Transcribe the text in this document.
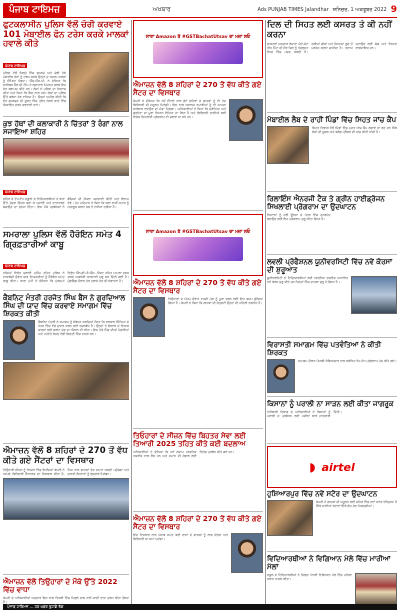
ਪੰਜਾਬ ਟਾਇਮਜ਼	ਅਖ਼ਬਾਰ	Ads PUNJAB TIMES Jalandhar ਸ਼ਨਿਚਰ, 1 ਅਕਤੂਬਰ 2022 9
ਫੁਟਕਲਾਸੀਨ ਪੁਲਿਸ ਵੱਲੋਂ ਚੋਰੀ ਕਰਵਾਏ 101 ਮੋਬਾਈਲ ਫੋਨ ਟਰੇਸ ਕਰਕੇ ਮਾਲਕਾਂ ਹਵਾਲੇ ਕੀਤੇ
ਪੰਜਾਬ ਟਾਇਮਜ਼
ਪੁਲਿਸ ਵੱਲੋਂ ਜ਼ਿਲ੍ਹੇ ਵਿੱਚ ਗੁਆਚੇ ਅਤੇ ਚੋਰੀ ਹੋਏ ਮੋਬਾਈਲ ਫੋਨਾਂ ਨੂੰ ਟਰੇਸ ਕਰਕੇ ਉਨ੍ਹਾਂ ਦੇ ਅਸਲ ਮਾਲਕਾਂ ਨੂੰ ਸੌਂਪਿਆ ਗਿਆ। ਐੱਸ.ਐੱਸ.ਪੀ. ਨੇ ਦੱਸਿਆ ਕਿ ਸਾਈਬਰ ਸੈੱਲ ਦੀ ਟੀਮ ਨੇ ਲਗਾਤਾਰ ਮਿਹਨਤ ਕਰਕੇ ਇਹ ਫੋਨ ਬਰਾਮਦ ਕੀਤੇ ਹਨ। ਲੋਕਾਂ ਨੇ ਪੁਲਿਸ ਦਾ ਧੰਨਵਾਦ ਕੀਤਾ ਅਤੇ ਕਿਹਾ ਕਿ ਇਸ ਨਾਲ ਆਮ ਲੋਕਾਂ ਦਾ ਪੁਲਿਸ ਉੱਤੇ ਭਰੋਸਾ ਹੋਰ ਵਧਿਆ ਹੈ। ਉਨ੍ਹਾਂ ਅਪੀਲ ਕੀਤੀ ਕਿ ਫੋਨ ਗੁਆਚਣ ਦੀ ਸੂਰਤ ਵਿੱਚ ਤੁਰੰਤ ਨੇੜਲੇ ਥਾਣੇ ਵਿੱਚ ਸ਼ਿਕਾਇਤ ਦਰਜ ਕਰਵਾਈ ਜਾਵੇ।
ਕੁਝ ਹੱਥਾਂ ਦੀ ਕਲਾਕਾਰੀ ਨੇ ਚਿੱਤਰਾਂ ਤੇ ਰੰਗਾਂ ਨਾਲ ਸਜਾਇਆ ਸ਼ਹਿਰ
ਪੰਜਾਬ ਟਾਇਮਜ਼
ਸ਼ਹਿਰ ਦੇ ਵੱਖ-ਵੱਖ ਸਕੂਲਾਂ ਦੇ ਵਿਦਿਆਰਥੀਆਂ ਨੇ ਕੰਧਾਂ ਉੱਤੇ ਸੁੰਦਰ ਚਿੱਤਰ ਬਣਾ ਕੇ ਸਫ਼ਾਈ ਅਤੇ ਵਾਤਾਵਰਣ ਬਚਾਉਣ ਦਾ ਸੁਨੇਹਾ ਦਿੱਤਾ। ਇਸ ਮੌਕੇ ਪ੍ਰਬੰਧਕਾਂ ਨੇ ਬੱਚਿਆਂ ਦੀ ਹੌਸਲਾ ਅਫ਼ਜ਼ਾਈ ਕੀਤੀ ਅਤੇ ਇਨਾਮ ਵੰਡੇ। ਮੁੱਖ ਮਹਿਮਾਨ ਨੇ ਕਿਹਾ ਕਿ ਕਲਾ ਰਾਹੀਂ ਸਮਾਜ ਨੂੰ ਜਾਗਰੂਕ ਕਰਨਾ ਸਭ ਤੋਂ ਵਧੀਆ ਤਰੀਕਾ ਹੈ।
ਸਮਰਾਲਾ ਪੁਲਿਸ ਵੱਲੋਂ ਹੈਰੋਇਨ ਸਮੇਤ 4 ਗ੍ਰਿਫ਼ਤਾਰੀਆਂ ਕਾਬੂ
ਪੰਜਾਬ ਟਾਇਮਜ਼
ਨਸ਼ਿਆਂ ਵਿਰੁੱਧ ਚਲਾਈ ਮੁਹਿੰਮ ਤਹਿਤ ਪੁਲਿਸ ਨੇ ਨਾਕਾਬੰਦੀ ਦੌਰਾਨ ਚਾਰ ਵਿਅਕਤੀਆਂ ਨੂੰ ਹੈਰੋਇਨ ਸਮੇਤ ਕਾਬੂ ਕੀਤਾ। ਥਾਣਾ ਮੁਖੀ ਨੇ ਦੱਸਿਆ ਕਿ ਮੁਲਜ਼ਮਾਂ ਵਿਰੁੱਧ ਐੱਨ.ਡੀ.ਪੀ.ਐੱਸ. ਐਕਟ ਤਹਿਤ ਮਾਮਲਾ ਦਰਜ ਕਰਕੇ ਅਗਲੇਰੀ ਕਾਰਵਾਈ ਸ਼ੁਰੂ ਕਰ ਦਿੱਤੀ ਗਈ ਹੈ। ਪੁੱਛਗਿੱਛ ਦੌਰਾਨ ਹੋਰ ਖੁਲਾਸੇ ਹੋਣ ਦੀ ਸੰਭਾਵਨਾ ਹੈ।
ਕੈਬਨਿਟ ਮੰਤਰੀ ਹਰਜੋਤ ਸਿੰਘ ਬੈਂਸ ਨੇ ਗੁਰਦਿਆਲ ਸਿੰਘ ਦੀ ਯਾਦ ਵਿੱਚ ਕਰਵਾਏ ਸਮਾਗਮ ਵਿੱਚ ਸ਼ਿਰਕਤ ਕੀਤੀ
ਕੈਬਨਿਟ ਮੰਤਰੀ ਨੇ ਸਮਾਗਮ ਨੂੰ ਸੰਬੋਧਨ ਕਰਦਿਆਂ ਕਿਹਾ ਕਿ ਸਰਕਾਰ ਸਿੱਖਿਆ ਦੇ ਖੇਤਰ ਵਿੱਚ ਵੱਡੇ ਸੁਧਾਰ ਕਰਨ ਲਈ ਵਚਨਬੱਧ ਹੈ। ਉਨ੍ਹਾਂ ਨੇ ਇਲਾਕੇ ਦੇ ਵਿਕਾਸ ਕਾਰਜਾਂ ਲਈ ਗਰਾਂਟ ਦੇਣ ਦਾ ਐਲਾਨ ਵੀ ਕੀਤਾ। ਇਸ ਮੌਕੇ ਪਿੰਡ ਦੀਆਂ ਪੰਚਾਇਤਾਂ ਅਤੇ ਪਤਵੰਤੇ ਸੱਜਣ ਵੱਡੀ ਗਿਣਤੀ ਵਿੱਚ ਹਾਜ਼ਰ ਸਨ।
ਐਮਾਜ਼ਨ ਵੱਲੋਂ 8 ਸ਼ਹਿਰਾਂ ਦੇ 270 ਤੋਂ ਵੱਧ ਕੀਤੇ ਗਏ ਸੈਂਟਰਾਂ ਦਾ ਵਿਸਥਾਰ
ਤਿਉਹਾਰੀ ਸੀਜ਼ਨ ਨੂੰ ਧਿਆਨ ਵਿੱਚ ਰੱਖਦਿਆਂ ਕੰਪਨੀ ਨੇ ਆਪਣੇ ਡਿਲਿਵਰੀ ਨੈੱਟਵਰਕ ਦਾ ਵਿਸਥਾਰ ਕੀਤਾ ਹੈ, ਜਿਸ ਨਾਲ ਗਾਹਕਾਂ ਤੱਕ ਸਮਾਨ ਜਲਦੀ ਪਹੁੰਚੇਗਾ ਅਤੇ ਹਜ਼ਾਰਾਂ ਨੌਜਵਾਨਾਂ ਨੂੰ ਰੁਜ਼ਗਾਰ ਮਿਲੇਗਾ।
ਐਮਾਜ਼ਨ ਵੱਲੋਂ ਤਿਉਹਾਰਾਂ ਦੇ ਮੌਕੇ ਉੱਤੇ 2022 ਵਿੱਚ ਵਾਧਾ
ਕੰਪਨੀ ਦੇ ਅਧਿਕਾਰੀਆਂ ਅਨੁਸਾਰ ਇਸ ਸਾਲ ਵਿਕਰੀ ਵਿੱਚ ਪਿਛਲੇ ਸਾਲ ਨਾਲੋਂ ਕਾਫ਼ੀ ਵਾਧਾ ਦਰਜ ਕੀਤਾ ਗਿਆ ਹੈ।
ਸਾਰਾ Amazon ਤੇ #GSTBachatUtsav ਦਾ ਮਜ਼ਾ ਲਓ
ਐਮਾਜ਼ਨ ਵੱਲੋਂ 8 ਸ਼ਹਿਰਾਂ ਦੇ 270 ਤੋਂ ਵੱਧ ਕੀਤੇ ਗਏ ਸੈਂਟਰ ਦਾ ਵਿਸਥਾਰ
ਕੰਪਨੀ ਨੇ ਦੱਸਿਆ ਕਿ ਨਵੇਂ ਸੈਂਟਰਾਂ ਨਾਲ ਛੋਟੇ ਸ਼ਹਿਰਾਂ ਦੇ ਗਾਹਕਾਂ ਨੂੰ ਵੀ ਤੇਜ਼ ਡਿਲਿਵਰੀ ਦੀ ਸਹੂਲਤ ਮਿਲੇਗੀ। ਇਸ ਨਾਲ ਸਥਾਨਕ ਵਪਾਰੀਆਂ ਨੂੰ ਵੀ ਆਪਣਾ ਕਾਰੋਬਾਰ ਵਧਾਉਣ ਦਾ ਮੌਕਾ ਮਿਲੇਗਾ। ਅਧਿਕਾਰੀਆਂ ਨੇ ਕਿਹਾ ਕਿ ਸੁਰੱਖਿਆ ਅਤੇ ਗੁਣਵੱਤਾ ਦਾ ਪੂਰਾ ਧਿਆਨ ਰੱਖਿਆ ਜਾ ਰਿਹਾ ਹੈ ਅਤੇ ਡਿਲਿਵਰੀ ਸਾਥੀਆਂ ਲਈ ਵਿਸ਼ੇਸ਼ ਸਿਖਲਾਈ ਪ੍ਰੋਗਰਾਮ ਵੀ ਚਲਾਏ ਜਾ ਰਹੇ ਹਨ।
ਸਾਰਾ Amazon ਤੇ #GSTBachatUtsav ਦਾ ਮਜ਼ਾ ਲਓ
ਐਮਾਜ਼ਨ ਵੱਲੋਂ 8 ਸ਼ਹਿਰਾਂ ਦੇ 270 ਤੋਂ ਵੱਧ ਕੀਤੇ ਗਏ ਸੈਂਟਰ ਦਾ ਵਿਸਥਾਰ
ਤਿਉਹਾਰਾਂ ਦੇ ਮੌਸਮ ਦੌਰਾਨ ਵਧਦੀ ਮੰਗ ਨੂੰ ਪੂਰਾ ਕਰਨ ਲਈ ਇਹ ਕਦਮ ਚੁੱਕਿਆ ਗਿਆ ਹੈ। ਕੰਪਨੀ ਨੇ ਕਿਹਾ ਕਿ ਗਾਹਕਾਂ ਦੀ ਸੰਤੁਸ਼ਟੀ ਉਨ੍ਹਾਂ ਦੀ ਪਹਿਲੀ ਤਰਜੀਹ ਹੈ।
ਤਿਓਹਾਰਾਂ ਦੇ ਸੀਜ਼ਨ ਵਿੱਚ ਬਿਹਤਰ ਸੇਵਾ ਲਈ ਤਿਆਰੀ 2025 ਤਹਿਤ ਕੀਤੇ ਕਈ ਬਦਲਾਅ
ਅਧਿਕਾਰੀਆਂ ਨੇ ਦੱਸਿਆ ਕਿ ਨਵੇਂ ਗੋਦਾਮ ਆਧੁਨਿਕ ਤਕਨੀਕ ਨਾਲ ਲੈਸ ਹਨ ਅਤੇ ਸਮਾਨ ਦੀ ਸੰਭਾਲ ਲਈ ਵਿਸ਼ੇਸ਼ ਪ੍ਰਬੰਧ ਕੀਤੇ ਗਏ ਹਨ।
ਐਮਾਜ਼ਨ ਵੱਲੋਂ 8 ਸ਼ਹਿਰਾਂ ਦੇ 270 ਤੋਂ ਵੱਧ ਕੀਤੇ ਗਏ ਸੈਂਟਰ ਦਾ ਵਿਸਥਾਰ
ਇਸ ਵਿਸਥਾਰ ਨਾਲ ਪੰਜਾਬ ਸਮੇਤ ਕਈ ਰਾਜਾਂ ਦੇ ਗਾਹਕਾਂ ਨੂੰ ਲਾਭ ਹੋਵੇਗਾ ਅਤੇ ਡਿਲਿਵਰੀ ਦਾ ਸਮਾਂ ਘਟੇਗਾ।
ਦਿਲ ਦੀ ਸਿਹਤ ਲਈ ਕਸਰਤ ਤੇ ਕੀ ਨਹੀਂ ਕਰਨਾ
ਡਾਕਟਰਾਂ ਅਨੁਸਾਰ ਰੋਜ਼ਾਨਾ ਘੱਟੋ-ਘੱਟ ਤੀਹ ਮਿੰਟ ਦੀ ਸੈਰ ਦਿਲ ਨੂੰ ਤੰਦਰੁਸਤ ਰੱਖਣ ਵਿੱਚ ਮਦਦ ਕਰਦੀ ਹੈ। ਤਲੀਆਂ ਚੀਜ਼ਾਂ ਅਤੇ ਜ਼ਿਆਦਾ ਲੂਣ ਤੋਂ ਪਰਹੇਜ਼ ਕਰਨਾ ਚਾਹੀਦਾ ਹੈ। ਤਣਾਅ ਘਟਾਉਣ ਲਈ ਯੋਗ ਅਤੇ ਧਿਆਨ ਲਾਭਦਾਇਕ ਹਨ।
ਮੋਬਾਈਲ ਲੈਬ ਦੇ ਰਾਹੀਂ ਪਿੰਡਾਂ ਵਿੱਚ ਸਿਹਤ ਜਾਂਚ ਕੈਂਪ
ਸਿਹਤ ਵਿਭਾਗ ਵੱਲੋਂ ਪਿੰਡਾਂ ਵਿੱਚ ਮੁਫ਼ਤ ਜਾਂਚ ਕੈਂਪ ਲਗਾਏ ਜਾ ਰਹੇ ਹਨ ਜਿੱਥੇ ਲੋਕਾਂ ਦੀ ਸ਼ੂਗਰ ਅਤੇ ਬਲੱਡ ਪ੍ਰੈਸ਼ਰ ਦੀ ਜਾਂਚ ਕੀਤੀ ਜਾਂਦੀ ਹੈ।
ਰਿਲਾਇੰਸ ਐਨਰਜੀ ਟੈਕ ਤੇ ਗ੍ਰੀਨ ਹਾਈਡ੍ਰੋਜਨ ਸਿਖਲਾਈ ਪ੍ਰੋਗਰਾਮ ਦਾ ਉਦਘਾਟਨ
ਨੌਜਵਾਨਾਂ ਨੂੰ ਹਰੀ ਊਰਜਾ ਦੇ ਖੇਤਰ ਵਿੱਚ ਹੁਨਰਮੰਦ ਬਣਾਉਣ ਲਈ ਇਹ ਪ੍ਰੋਗਰਾਮ ਸ਼ੁਰੂ ਕੀਤਾ ਗਿਆ ਹੈ।
ਲਵਲੀ ਪ੍ਰੋਫੈਸ਼ਨਲ ਯੂਨੀਵਰਸਿਟੀ ਵਿੱਚ ਨਵੇਂ ਕੋਰਸਾਂ ਦੀ ਸ਼ੁਰੂਆਤ
ਯੂਨੀਵਰਸਿਟੀ ਨੇ ਵਿਦਿਆਰਥੀਆਂ ਲਈ ਆਧੁਨਿਕ ਤਕਨੀਕ ਅਧਾਰਿਤ ਨਵੇਂ ਕੋਰਸ ਸ਼ੁਰੂ ਕੀਤੇ ਹਨ ਜਿਨ੍ਹਾਂ ਵਿੱਚ ਦਾਖ਼ਲਾ ਸ਼ੁਰੂ ਹੋ ਗਿਆ ਹੈ।
ਵਿਰਾਸਤੀ ਸਮਾਗਮ ਵਿੱਚ ਪਤਵੰਤਿਆਂ ਨੇ ਕੀਤੀ ਸ਼ਿਰਕਤ
ਸਮਾਗਮ ਦੌਰਾਨ ਪੰਜਾਬੀ ਸੱਭਿਆਚਾਰ ਨਾਲ ਸਬੰਧਿਤ ਵੱਖ-ਵੱਖ ਪ੍ਰੋਗਰਾਮ ਪੇਸ਼ ਕੀਤੇ ਗਏ।
ਕਿਸਾਨਾਂ ਨੂੰ ਪਰਾਲੀ ਨਾ ਸਾੜਨ ਲਈ ਕੀਤਾ ਜਾਗਰੂਕ
ਖੇਤੀਬਾੜੀ ਵਿਭਾਗ ਦੇ ਅਧਿਕਾਰੀਆਂ ਨੇ ਕਿਸਾਨਾਂ ਨੂੰ ਪਰਾਲੀ ਦੇ ਪ੍ਰਬੰਧਨ ਲਈ ਮਸ਼ੀਨਾਂ ਬਾਰੇ ਜਾਣਕਾਰੀ ਦਿੱਤੀ।
◗ airtel
ਹੁਸ਼ਿਆਰਪੁਰ ਵਿੱਚ ਨਵੇਂ ਸਟੋਰ ਦਾ ਉਦਘਾਟਨ
ਕੰਪਨੀ ਨੇ ਗਾਹਕਾਂ ਦੀ ਸਹੂਲਤ ਲਈ ਸ਼ਹਿਰ ਵਿੱਚ ਨਵਾਂ ਸਟੋਰ ਖੋਲ੍ਹਿਆ ਹੈ ਜਿੱਥੇ ਸਾਰੀਆਂ ਸੇਵਾਵਾਂ ਇੱਕੋ ਛੱਤ ਹੇਠ ਮਿਲਣਗੀਆਂ।
ਵਿਦਿਆਰਥੀਆਂ ਨੇ ਵਿਗਿਆਨ ਮੇਲੇ ਵਿੱਚ ਮਾਰੀਆਂ ਮੱਲਾਂ
ਸਕੂਲ ਦੇ ਵਿਦਿਆਰਥੀਆਂ ਨੇ ਜ਼ਿਲ੍ਹਾ ਪੱਧਰੀ ਵਿਗਿਆਨ ਮੇਲੇ ਵਿੱਚ ਪਹਿਲਾ ਸਥਾਨ ਹਾਸਲ ਕੀਤਾ।
ਪੰਜਾਬ ਟਾਇਮਜ਼ — ਹਰ ਖ਼ਬਰ ਤੁਹਾਡੇ ਤੱਕ
